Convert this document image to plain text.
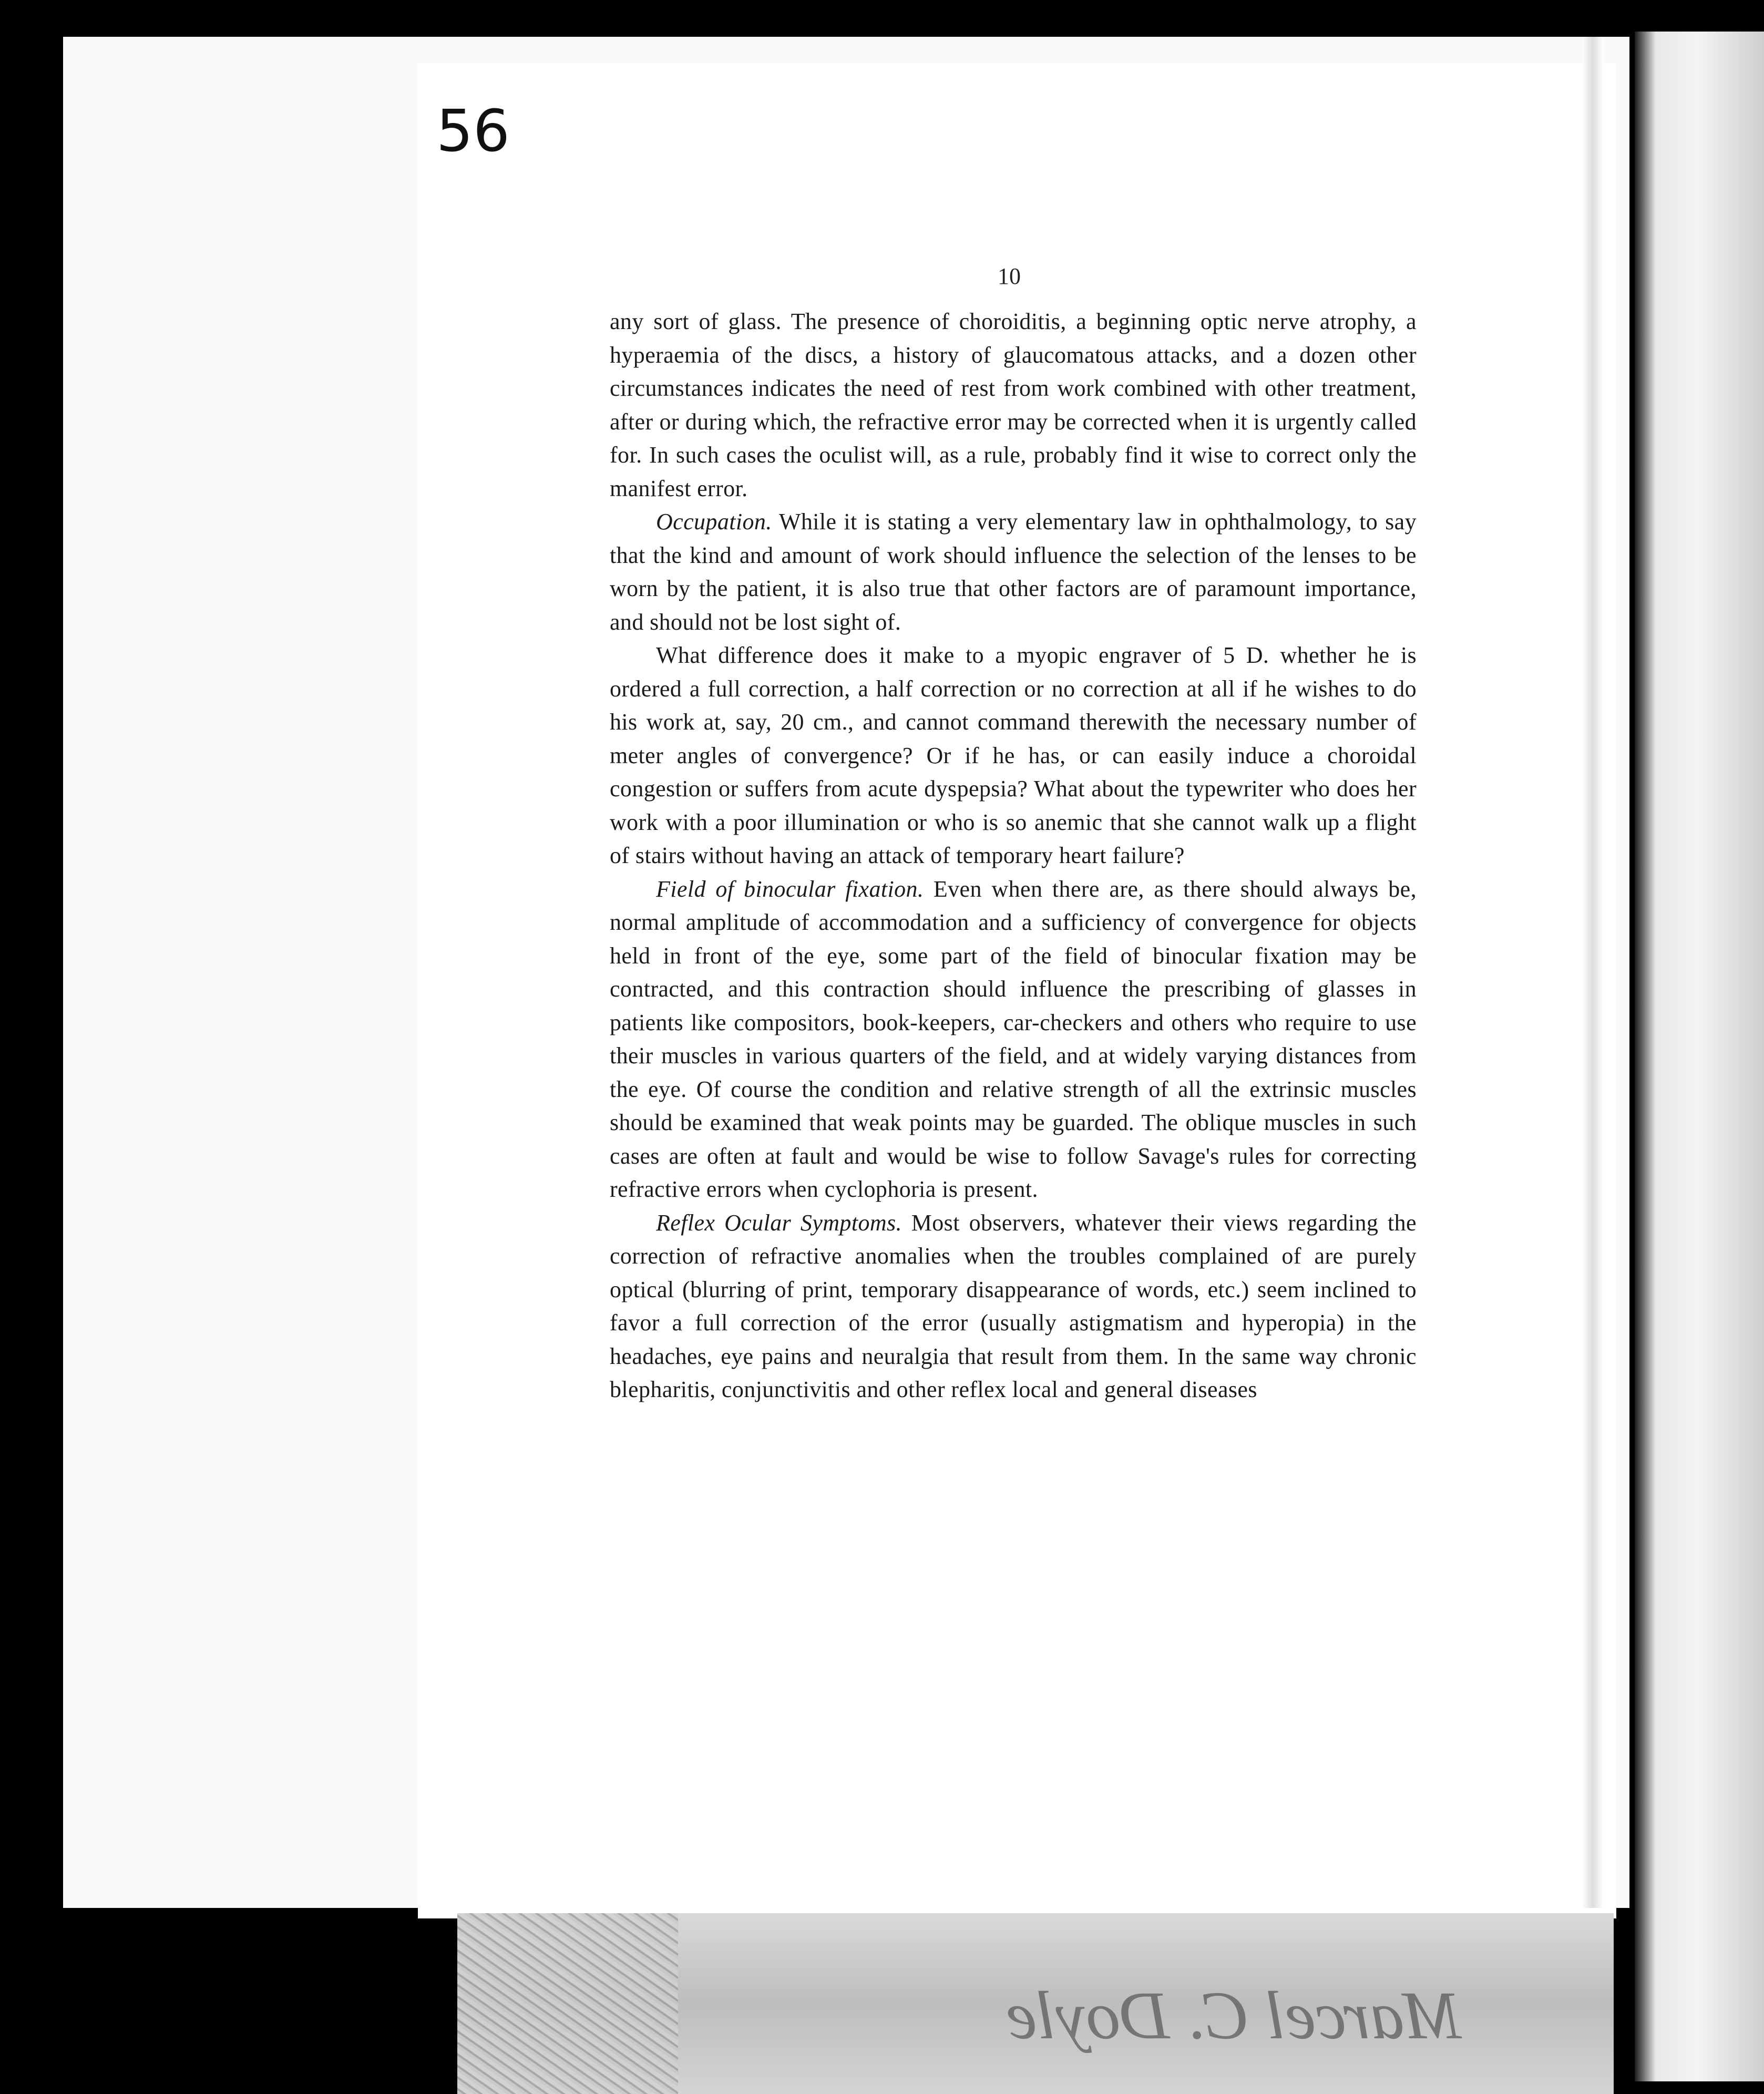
Marcel C. Doyle
56
10

any sort of glass. The presence of choroiditis, a beginning optic nerve atrophy, a hyperaemia of the discs, a history of glaucomatous attacks, and a dozen other circumstances indicates the need of rest from work combined with other treatment, after or during which, the refractive error may be corrected when it is urgently called for. In such cases the oculist will, as a rule, probably find it wise to correct only the manifest error.

Occupation. While it is stating a very elementary law in ophthalmology, to say that the kind and amount of work should influence the selection of the lenses to be worn by the patient, it is also true that other factors are of paramount importance, and should not be lost sight of.

What difference does it make to a myopic engraver of 5 D. whether he is ordered a full correction, a half correction or no correction at all if he wishes to do his work at, say, 20 cm., and cannot command therewith the necessary number of meter angles of convergence? Or if he has, or can easily induce a choroidal congestion or suffers from acute dyspepsia? What about the typewriter who does her work with a poor illumination or who is so anemic that she cannot walk up a flight of stairs without having an attack of temporary heart failure?

Field of binocular fixation. Even when there are, as there should always be, normal amplitude of accommodation and a sufficiency of convergence for objects held in front of the eye, some part of the field of binocular fixation may be contracted, and this contraction should influence the prescribing of glasses in patients like compositors, book-keepers, car-checkers and others who require to use their muscles in various quarters of the field, and at widely varying distances from the eye. Of course the condition and relative strength of all the extrinsic muscles should be examined that weak points may be guarded. The oblique muscles in such cases are often at fault and would be wise to follow Savage's rules for correcting refractive errors when cyclophoria is present.

Reflex Ocular Symptoms. Most observers, whatever their views regarding the correction of refractive anomalies when the troubles complained of are purely optical (blurring of print, temporary disappearance of words, etc.) seem inclined to favor a full correction of the error (usually astigmatism and hyperopia) in the headaches, eye pains and neuralgia that result from them. In the same way chronic blepharitis, conjunctivitis and other reflex local and general diseases
